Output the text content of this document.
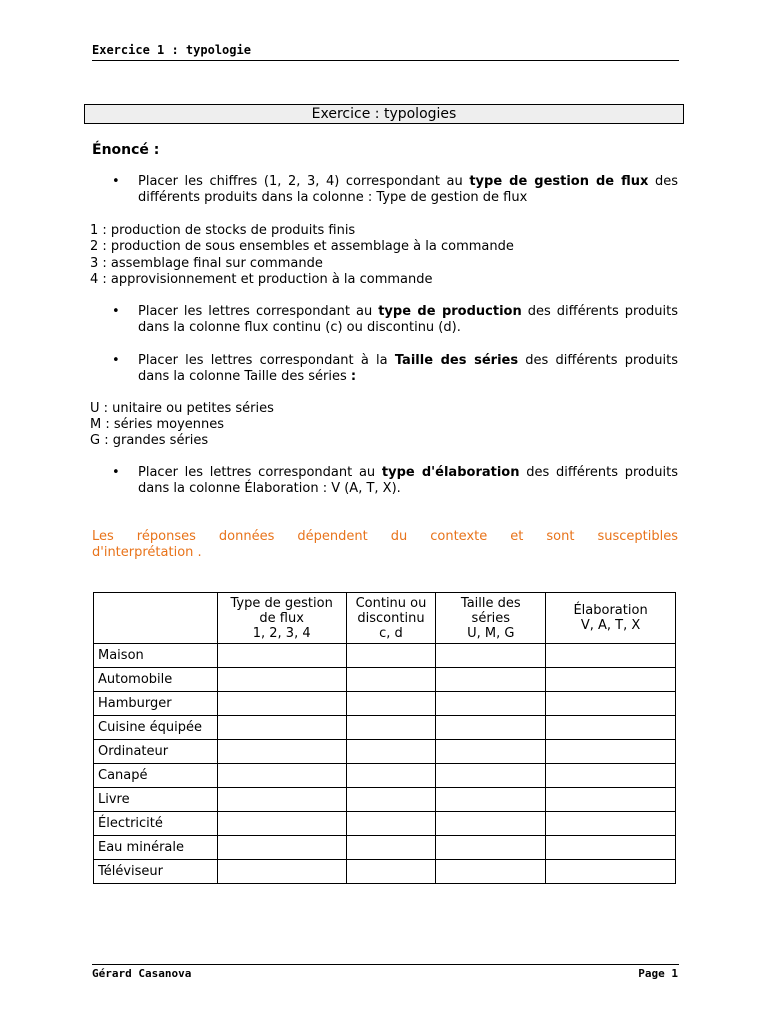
Exercice 1 : typologie
Exercice : typologies
Énoncé :
• Placer les chiffres (1, 2, 3, 4) correspondant au type de gestion de flux des différents produits dans la colonne : Type de gestion de flux
1 : production de stocks de produits finis
2 : production de sous ensembles et assemblage à la commande
3 : assemblage final sur commande
4 : approvisionnement et production à la commande
• Placer les lettres correspondant au type de production des différents produits dans la colonne flux continu (c) ou discontinu (d).
• Placer les lettres correspondant à la Taille des séries des différents produits dans la colonne Taille des séries :
U : unitaire ou petites séries
M : séries moyennes
G : grandes séries
• Placer les lettres correspondant au type d'élaboration des différents produits dans la colonne Élaboration : V (A, T, X).
Les réponses données dépendent du contexte et sont susceptibles
d'interprétation .
	Type de gestion
de flux
1, 2, 3, 4	Continu ou
discontinu
c, d	Taille des
séries
U, M, G	Élaboration
V, A, T, X
Maison				
Automobile				
Hamburger				
Cuisine équipée				
Ordinateur				
Canapé				
Livre				
Électricité				
Eau minérale				
Téléviseur				
Gérard Casanova	Page 1
